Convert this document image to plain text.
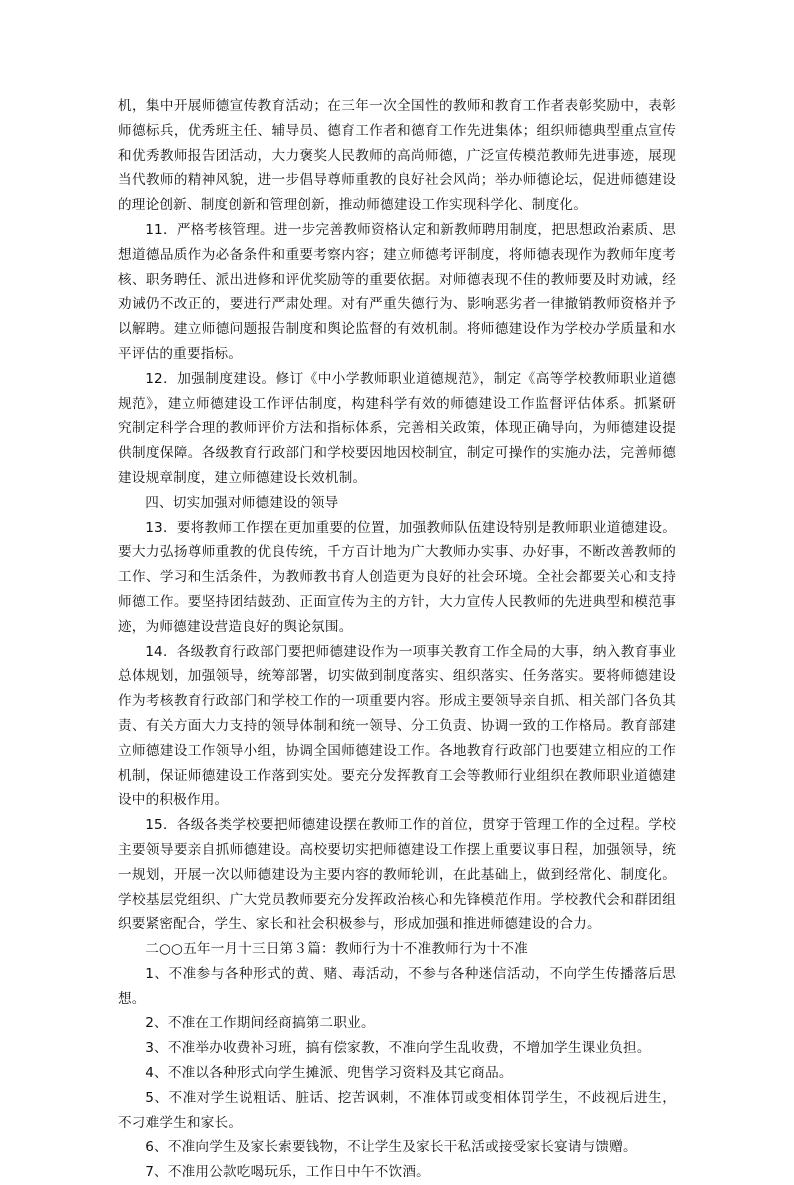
机，集中开展师德宣传教育活动；在三年一次全国性的教师和教育工作者表彰奖励中，表彰师德标兵，优秀班主任、辅导员、德育工作者和德育工作先进集体；组织师德典型重点宣传和优秀教师报告团活动，大力褒奖人民教师的高尚师德，广泛宣传模范教师先进事迹，展现当代教师的精神风貌，进一步倡导尊师重教的良好社会风尚；举办师德论坛，促进师德建设的理论创新、制度创新和管理创新，推动师德建设工作实现科学化、制度化。

11．严格考核管理。进一步完善教师资格认定和新教师聘用制度，把思想政治素质、思想道德品质作为必备条件和重要考察内容；建立师德考评制度，将师德表现作为教师年度考核、职务聘任、派出进修和评优奖励等的重要依据。对师德表现不佳的教师要及时劝诫，经劝诫仍不改正的，要进行严肃处理。对有严重失德行为、影响恶劣者一律撤销教师资格并予以解聘。建立师德问题报告制度和舆论监督的有效机制。将师德建设作为学校办学质量和水平评估的重要指标。

12．加强制度建设。修订《中小学教师职业道德规范》，制定《高等学校教师职业道德规范》，建立师德建设工作评估制度，构建科学有效的师德建设工作监督评估体系。抓紧研究制定科学合理的教师评价方法和指标体系，完善相关政策，体现正确导向，为师德建设提供制度保障。各级教育行政部门和学校要因地因校制宜，制定可操作的实施办法，完善师德建设规章制度，建立师德建设长效机制。

四、切实加强对师德建设的领导

13．要将教师工作摆在更加重要的位置，加强教师队伍建设特别是教师职业道德建设。要大力弘扬尊师重教的优良传统，千方百计地为广大教师办实事、办好事，不断改善教师的工作、学习和生活条件，为教师教书育人创造更为良好的社会环境。全社会都要关心和支持师德工作。要坚持团结鼓劲、正面宣传为主的方针，大力宣传人民教师的先进典型和模范事迹，为师德建设营造良好的舆论氛围。

14．各级教育行政部门要把师德建设作为一项事关教育工作全局的大事，纳入教育事业总体规划，加强领导，统筹部署，切实做到制度落实、组织落实、任务落实。要将师德建设作为考核教育行政部门和学校工作的一项重要内容。形成主要领导亲自抓、相关部门各负其责、有关方面大力支持的领导体制和统一领导、分工负责、协调一致的工作格局。教育部建立师德建设工作领导小组，协调全国师德建设工作。各地教育行政部门也要建立相应的工作机制，保证师德建设工作落到实处。要充分发挥教育工会等教师行业组织在教师职业道德建设中的积极作用。

15．各级各类学校要把师德建设摆在教师工作的首位，贯穿于管理工作的全过程。学校主要领导要亲自抓师德建设。高校要切实把师德建设工作摆上重要议事日程，加强领导，统一规划，开展一次以师德建设为主要内容的教师轮训，在此基础上，做到经常化、制度化。学校基层党组织、广大党员教师要充分发挥政治核心和先锋模范作用。学校教代会和群团组织要紧密配合，学生、家长和社会积极参与，形成加强和推进师德建设的合力。

二○○五年一月十三日第３篇：教师行为十不准教师行为十不准

1、不准参与各种形式的黄、赌、毒活动，不参与各种迷信活动，不向学生传播落后思想。

2、不准在工作期间经商搞第二职业。

3、不准举办收费补习班，搞有偿家教，不准向学生乱收费，不增加学生课业负担。

4、不准以各种形式向学生摊派、兜售学习资料及其它商品。

5、不准对学生说粗话、脏话、挖苦讽刺，不准体罚或变相体罚学生，不歧视后进生，不刁难学生和家长。

6、不准向学生及家长索要钱物，不让学生及家长干私活或接受家长宴请与馈赠。

7、不准用公款吃喝玩乐，工作日中午不饮酒。
